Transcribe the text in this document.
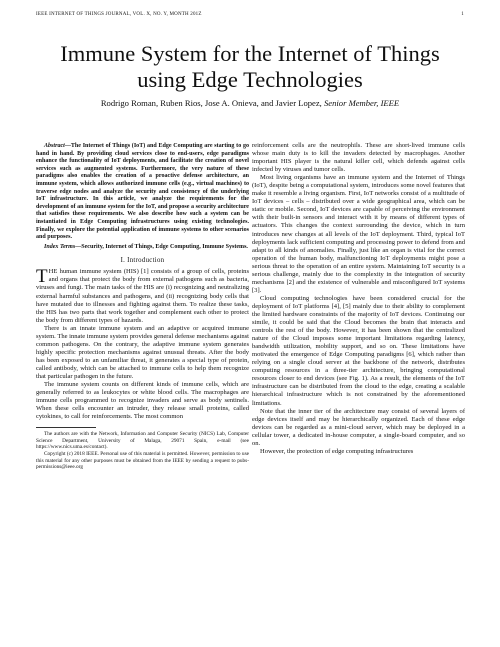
IEEE INTERNET OF THINGS JOURNAL, VOL. X, NO. Y, MONTH 201Z	1
Immune System for the Internet of Things using Edge Technologies
Rodrigo Roman, Ruben Rios, Jose A. Onieva, and Javier Lopez, Senior Member, IEEE

Abstract—The Internet of Things (IoT) and Edge Computing are starting to go hand in hand. By providing cloud services close to end-users, edge paradigms enhance the functionality of IoT deployments, and facilitate the creation of novel services such as augmented systems. Furthermore, the very nature of these paradigms also enables the creation of a proactive defense architecture, an immune system, which allows authorized immune cells (e.g., virtual machines) to traverse edge nodes and analyze the security and consistency of the underlying IoT infrastructure. In this article, we analyze the requirements for the development of an immune system for the IoT, and propose a security architecture that satisfies these requirements. We also describe how such a system can be instantiated in Edge Computing infrastructures using existing technologies. Finally, we explore the potential application of immune systems to other scenarios and purposes.

Index Terms—Security, Internet of Things, Edge Computing, Immune Systems.

I. Introduction

THE human immune system (HIS) [1] consists of a group of cells, proteins and organs that protect the body from external pathogens such as bacteria, viruses and fungi. The main tasks of the HIS are (i) recognizing and neutralizing external harmful substances and pathogens, and (ii) recognizing body cells that have mutated due to illnesses and fighting against them. To realize these tasks, the HIS has two parts that work together and complement each other to protect the body from different types of hazards.

There is an innate immune system and an adaptive or acquired immune system. The innate immune system provides general defense mechanisms against common pathogens. On the contrary, the adaptive immune system generates highly specific protection mechanisms against unusual threats. After the body has been exposed to an unfamiliar threat, it generates a special type of protein, called antibody, which can be attached to immune cells to help them recognize that particular pathogen in the future.

The immune system counts on different kinds of immune cells, which are generally referred to as leukocytes or white blood cells. The macrophages are immune cells programmed to recognize invaders and serve as body sentinels. When these cells encounter an intruder, they release small proteins, called cytokines, to call for reinforcements. The most common

The authors are with the Network, Information and Computer Security (NICS) Lab, Computer Science Department, University of Malaga, 29071 Spain, e-mail (see https://www.nics.uma.es/contact).

Copyright (c) 2018 IEEE. Personal use of this material is permitted. However, permission to use this material for any other purposes must be obtained from the IEEE by sending a request to pubs-permissions@ieee.org

reinforcement cells are the neutrophils. These are short-lived immune cells whose main duty is to kill the invaders detected by macrophages. Another important HIS player is the natural killer cell, which defends against cells infected by viruses and tumor cells.

Most living organisms have an immune system and the Internet of Things (IoT), despite being a computational system, introduces some novel features that make it resemble a living organism. First, IoT networks consist of a multitude of IoT devices – cells – distributed over a wide geographical area, which can be static or mobile. Second, IoT devices are capable of perceiving the environment with their built-in sensors and interact with it by means of different types of actuators. This changes the context surrounding the device, which in turn introduces new changes at all levels of the IoT deployment. Third, typical IoT deployments lack sufficient computing and processing power to defend from and adapt to all kinds of anomalies. Finally, just like an organ is vital for the correct operation of the human body, malfunctioning IoT deployments might pose a serious threat to the operation of an entire system. Maintaining IoT security is a serious challenge, mainly due to the complexity in the integration of security mechanisms [2] and the existence of vulnerable and misconfigured IoT systems [3].

Cloud computing technologies have been considered crucial for the deployment of IoT platforms [4], [5] mainly due to their ability to complement the limited hardware constraints of the majority of IoT devices. Continuing our simile, it could be said that the Cloud becomes the brain that interacts and controls the rest of the body. However, it has been shown that the centralized nature of the Cloud imposes some important limitations regarding latency, bandwidth utilization, mobility support, and so on. These limitations have motivated the emergence of Edge Computing paradigms [6], which rather than relying on a single cloud server at the backbone of the network, distributes computing resources in a three-tier architecture, bringing computational resources closer to end devices (see Fig. 1). As a result, the elements of the IoT infrastructure can be distributed from the cloud to the edge, creating a scalable hierarchical infrastructure which is not constrained by the aforementioned limitations.

Note that the inner tier of the architecture may consist of several layers of edge devices itself and may be hierarchically organized. Each of these edge devices can be regarded as a mini-cloud server, which may be deployed in a cellular tower, a dedicated in-house computer, a single-board computer, and so on.

However, the protection of edge computing infrastructures
